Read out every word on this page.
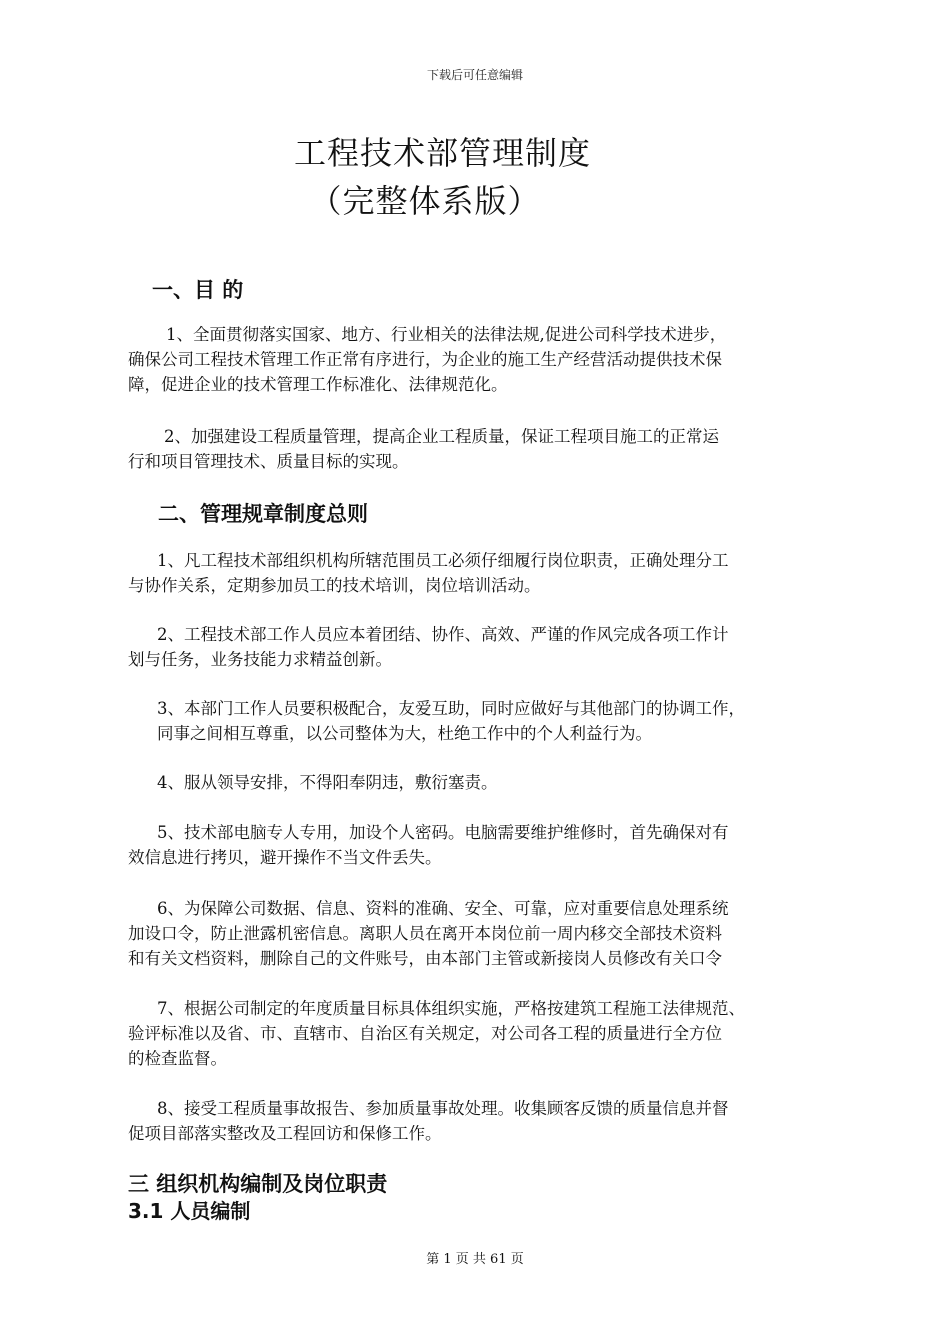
下载后可任意编辑
工程技术部管理制度
（完整体系版）
一、目 的
1、全面贯彻落实国家、地方、行业相关的法律法规,促进公司科学技术进步，
确保公司工程技术管理工作正常有序进行，为企业的施工生产经营活动提供技术保
障，促进企业的技术管理工作标准化、法律规范化。
2、加强建设工程质量管理，提高企业工程质量，保证工程项目施工的正常运
行和项目管理技术、质量目标的实现。
二、管理规章制度总则
1、凡工程技术部组织机构所辖范围员工必须仔细履行岗位职责，正确处理分工
与协作关系，定期参加员工的技术培训，岗位培训活动。
2、工程技术部工作人员应本着团结、协作、高效、严谨的作风完成各项工作计
划与任务，业务技能力求精益创新。
3、本部门工作人员要积极配合，友爱互助，同时应做好与其他部门的协调工作，
同事之间相互尊重，以公司整体为大，杜绝工作中的个人利益行为。
4、服从领导安排，不得阳奉阴违，敷衍塞责。
5、技术部电脑专人专用，加设个人密码。电脑需要维护维修时，首先确保对有
效信息进行拷贝，避开操作不当文件丢失。
6、为保障公司数据、信息、资料的准确、安全、可靠，应对重要信息处理系统
加设口令，防止泄露机密信息。离职人员在离开本岗位前一周内移交全部技术资料
和有关文档资料，删除自己的文件账号，由本部门主管或新接岗人员修改有关口令
7、根据公司制定的年度质量目标具体组织实施，严格按建筑工程施工法律规范、
验评标准以及省、市、直辖市、自治区有关规定，对公司各工程的质量进行全方位
的检查监督。
8、接受工程质量事故报告、参加质量事故处理。收集顾客反馈的质量信息并督
促项目部落实整改及工程回访和保修工作。
三 组织机构编制及岗位职责
3.1 人员编制
第 1 页 共 61 页
